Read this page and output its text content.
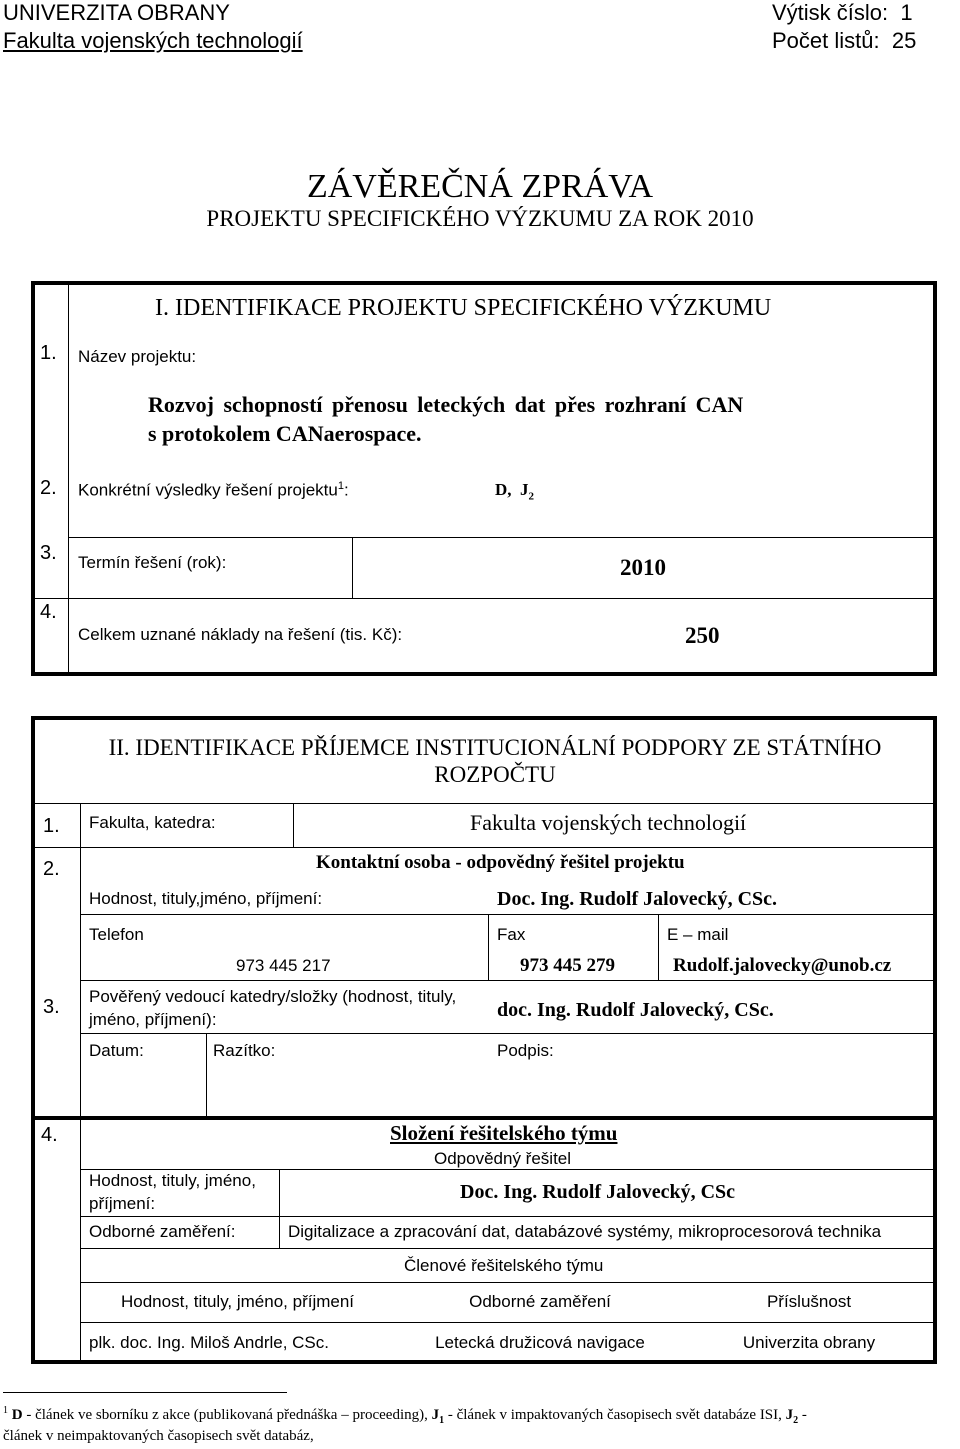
UNIVERZITA OBRANY
Fakulta vojenských technologií
Výtisk číslo: 1
Počet listů: 25
ZÁVĚREČNÁ ZPRÁVA
PROJEKTU SPECIFICKÉHO VÝZKUMU ZA ROK 2010
I. IDENTIFIKACE PROJEKTU SPECIFICKÉHO VÝZKUMU
1. Název projektu:
Rozvoj schopností přenosu leteckých dat přes rozhraní CAN
s protokolem CANaerospace.
2. Konkrétní výsledky řešení projektu$^1$:	D, $J_2$
3. Termín řešení (rok):	2010
4.
Celkem uznané náklady na řešení (tis. Kč):	250
II. IDENTIFIKACE PŘÍJEMCE INSTITUCIONÁLNÍ PODPORY ZE STÁTNÍHO
ROZPOČTU
1. Fakulta, katedra:	Fakulta vojenských technologií
2.	Kontaktní osoba - odpovědný řešitel projektu
Hodnost, tituly,jméno, příjmení:	Doc. Ing. Rudolf Jalovecký, CSc.
Telefon	Fax	E – mail
973 445 217	973 445 279	Rudolf.jalovecky@unob.cz
3. Pověřený vedoucí katedry/složky (hodnost, tituly,
jméno, příjmení):	doc. Ing. Rudolf Jalovecký, CSc.
Datum:	Razítko:	Podpis:
4.	Složení řešitelského týmu
Odpovědný řešitel
Hodnost, tituly, jméno,
příjmení:
Doc. Ing. Rudolf Jalovecký, CSc
Odborné zaměření:	Digitalizace a zpracování dat, databázové systémy, mikroprocesorová technika
Členové řešitelského týmu
Hodnost, tituly, jméno, příjmení	Odborné zaměření	Příslušnost
plk. doc. Ing. Miloš Andrle, CSc.	Letecká družicová navigace	Univerzita obrany
$^1$ D - článek ve sborníku z akce (publikovaná přednáška – proceeding), $J_1$ - článek v impaktovaných časopisech svět databáze ISI, $J_2$ -
článek v neimpaktovaných časopisech svět databáz,
